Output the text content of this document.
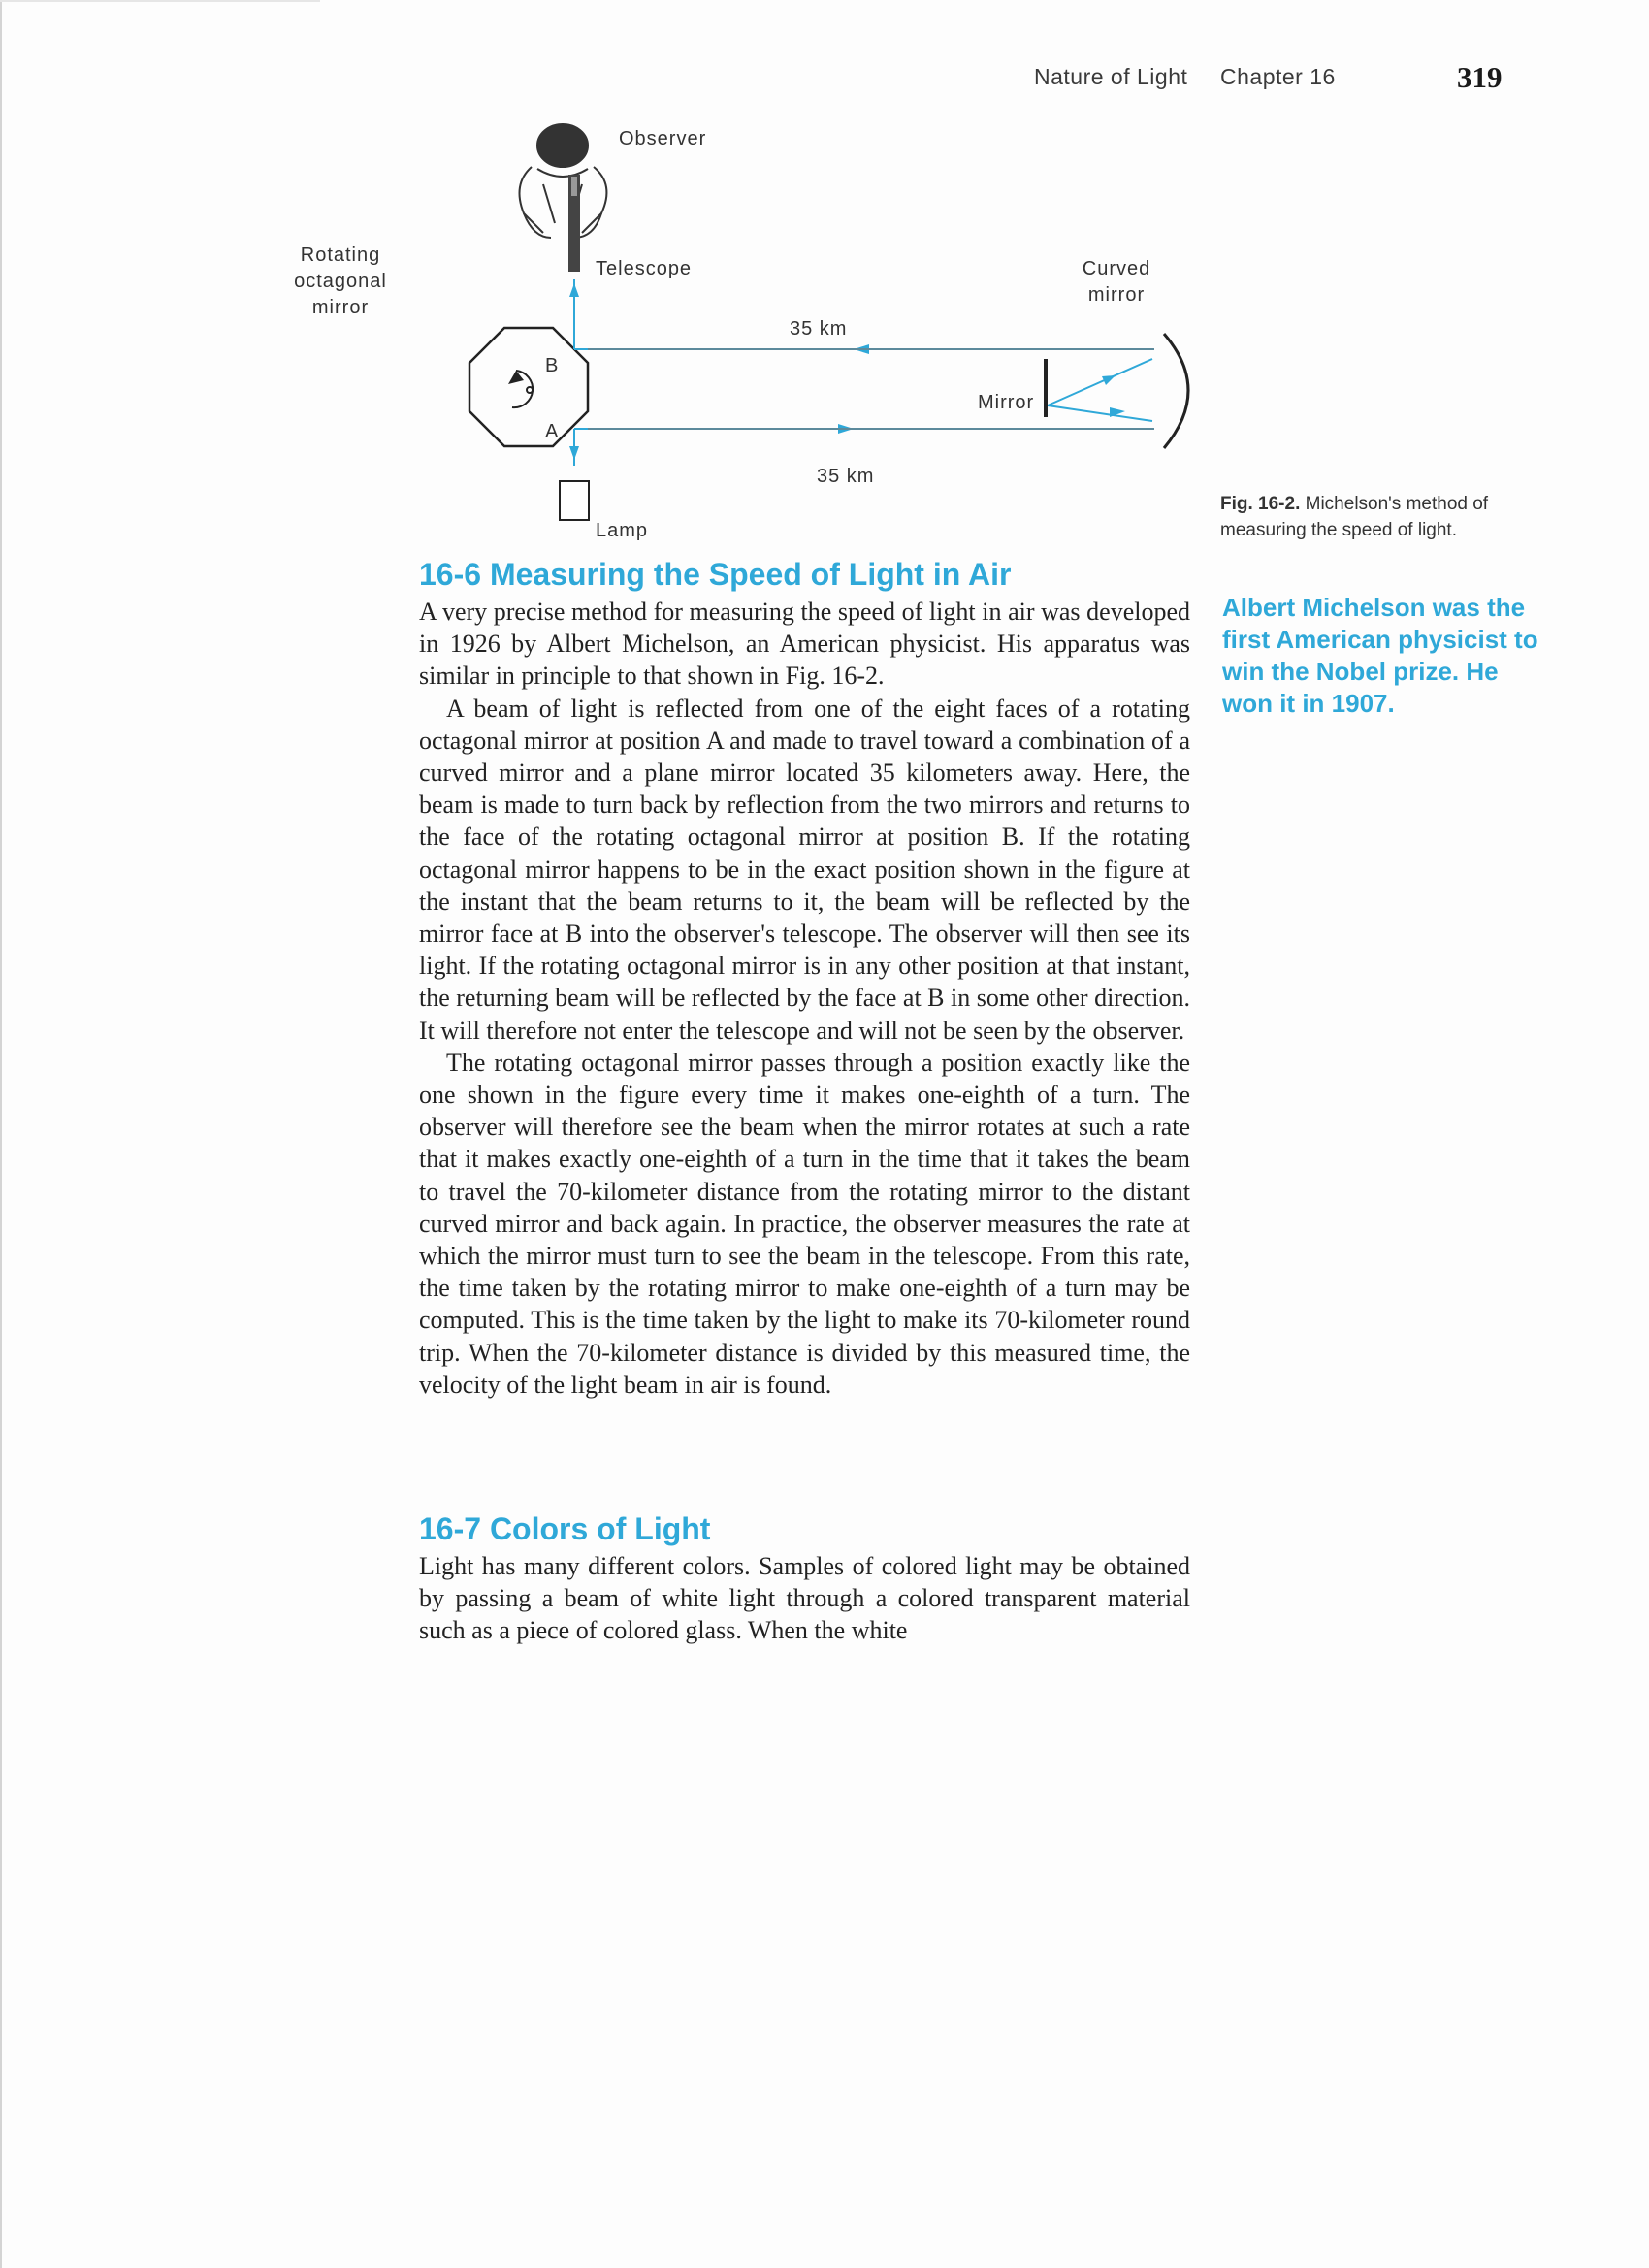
Nature of Light Chapter 16	319
Observer
Telescope
Rotating
octagonal
mirror
Curved
mirror
35 km
35 km
B
A
Mirror
Lamp
Fig. 16-2. Michelson's method of measuring the speed of light.
Albert Michelson was the first American physicist to win the Nobel prize. He won it in 1907.
16-6 Measuring the Speed of Light in Air

A very precise method for measuring the speed of light in air was developed in 1926 by Albert Michelson, an American physicist. His apparatus was similar in principle to that shown in Fig. 16-2.

A beam of light is reflected from one of the eight faces of a rotating octagonal mirror at position A and made to travel toward a combination of a curved mirror and a plane mirror located 35 kilometers away. Here, the beam is made to turn back by reflection from the two mirrors and returns to the face of the rotating octagonal mirror at position B. If the rotating octagonal mirror happens to be in the exact position shown in the figure at the instant that the beam returns to it, the beam will be reflected by the mirror face at B into the observer's telescope. The observer will then see its light. If the rotating octagonal mirror is in any other position at that instant, the returning beam will be reflected by the face at B in some other direction. It will therefore not enter the telescope and will not be seen by the observer.

The rotating octagonal mirror passes through a position exactly like the one shown in the figure every time it makes one-eighth of a turn. The observer will therefore see the beam when the mirror rotates at such a rate that it makes exactly one-eighth of a turn in the time that it takes the beam to travel the 70-kilometer distance from the rotating mirror to the distant curved mirror and back again. In practice, the observer measures the rate at which the mirror must turn to see the beam in the telescope. From this rate, the time taken by the rotating mirror to make one-eighth of a turn may be computed. This is the time taken by the light to make its 70-kilometer round trip. When the 70-kilometer distance is divided by this measured time, the velocity of the light beam in air is found.

16-7 Colors of Light

Light has many different colors. Samples of colored light may be obtained by passing a beam of white light through a colored transparent material such as a piece of colored glass. When the white
